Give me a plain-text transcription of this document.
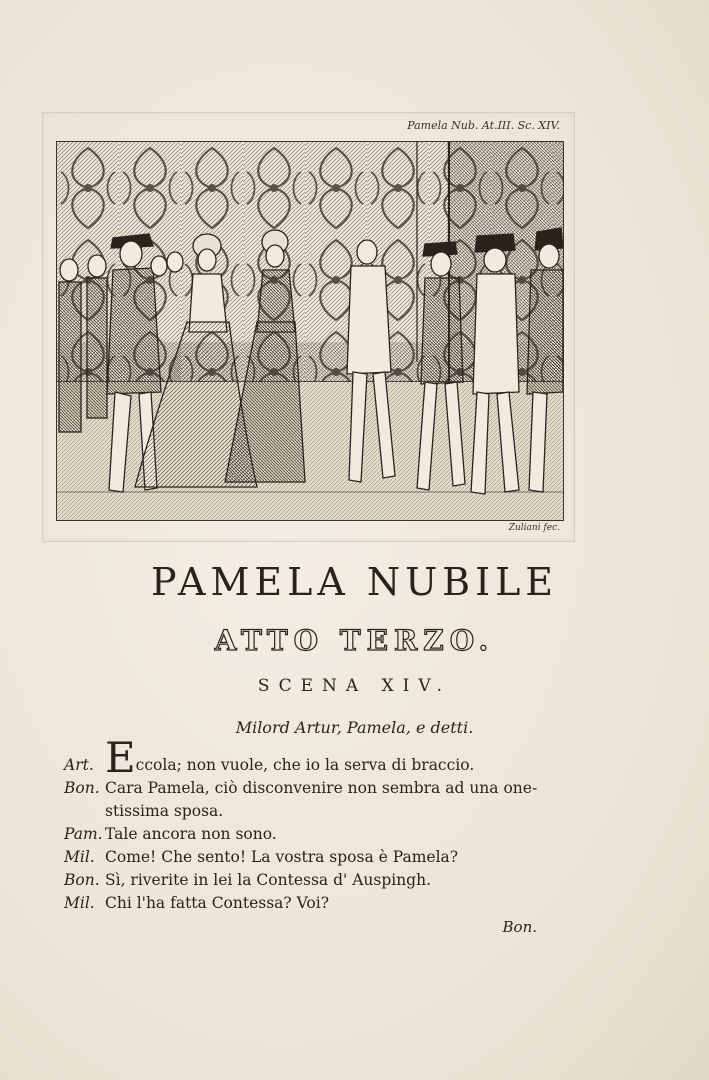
Pamela Nub. At.III. Sc. XIV.
Zuliani fec.
PAMELA NUBILE
ATTO TERZO.
SCENA XIV.
Milord Artur, Pamela, e detti.
Art. Eccola; non vuole, che io la serva di braccio.
Bon. Cara Pamela, ciò disconvenire non sembra ad una one-
stissima sposa.
Pam. Tale ancora non sono.
Mil. Come! Che sento! La vostra sposa è Pamela?
Bon. Sì, riverite in lei la Contessa d' Auspingh.
Mil. Chi l'ha fatta Contessa? Voi?
Bon.
